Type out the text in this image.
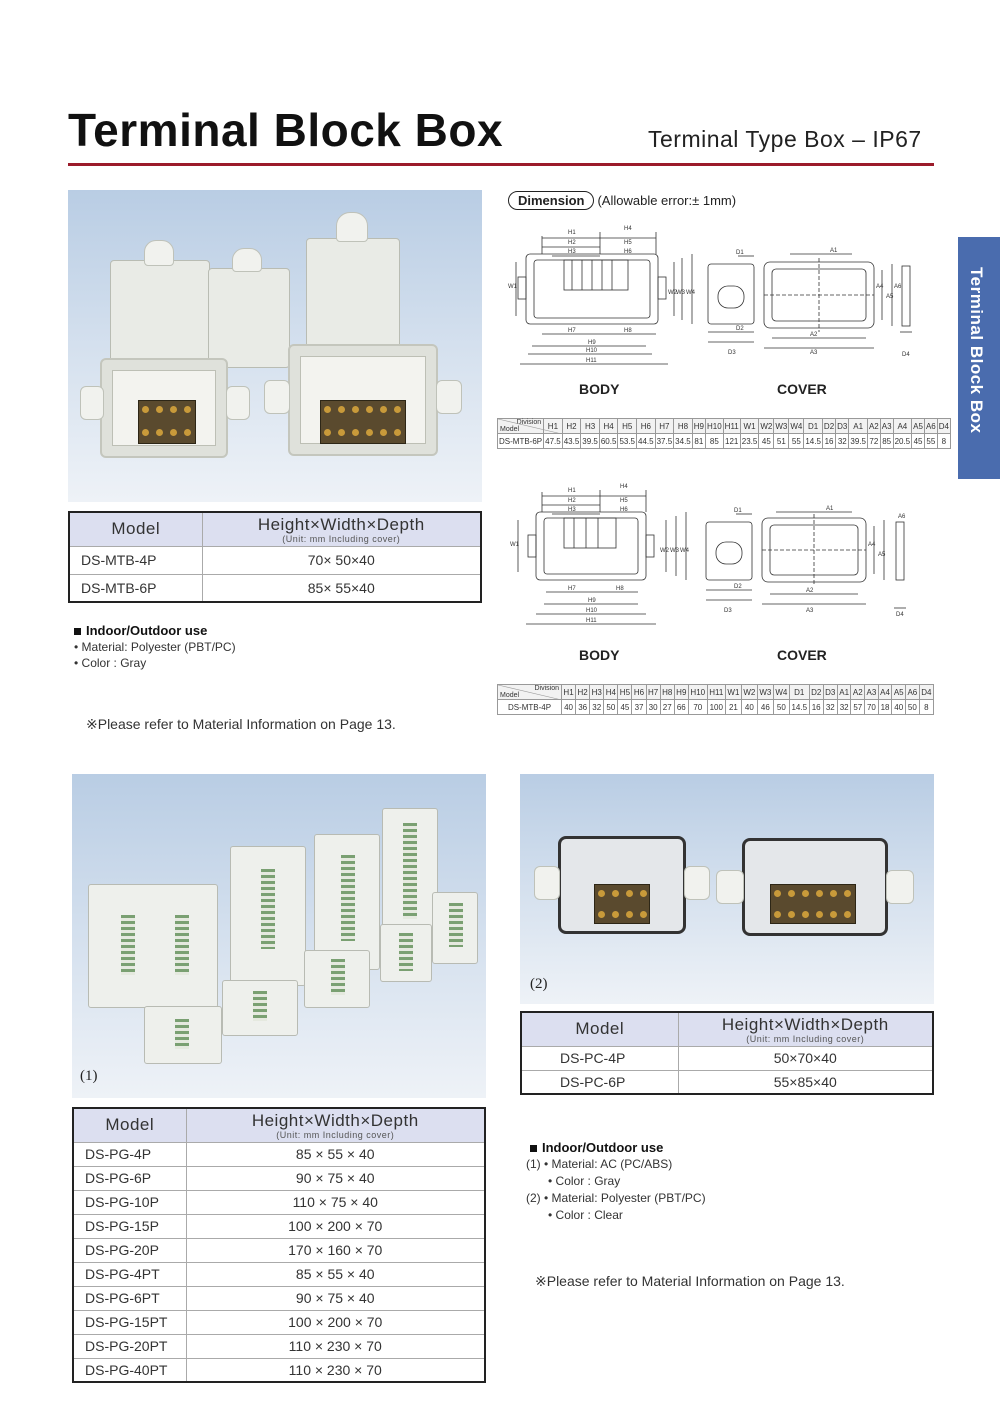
Terminal Block Box	Terminal Type Box – IP67
Terminal Block Box
Model	Height×Width×Depth
(Unit: mm Including cover)

DS-MTB-4P	70× 50×40
DS-MTB-6P	85× 55×40
Indoor/Outdoor use
• Material: Polyester (PBT/PC)
• Color : Gray
※Please refer to Material Information on Page 13.
Dimension (Allowable error:± 1mm)
H1
H4
H2	H5
H3	H6
H7	H8
H9
H10
H11
W1
W2 W3 W4
D1
D2
D3
A1
A2
A3
A4
A5
A6
D4
BODY	COVER
Division
Model	H1	H2	H3	H4	H5	H6	H7	H8	H9	H10	H11	W1	W2	W3	W4	D1	D2	D3	A1	A2	A3	A4	A5	A6	D4
DS-MTB-6P	47.5	43.5	39.5	60.5	53.5	44.5	37.5	34.5	81	85	121	23.5	45	51	55	14.5	16	32	39.5	72	85	20.5	45	55	8
H1
H4
H2	H5
H3	H6
H7	H8
H9
H10
H11
W1
W2 W3 W4
D1
D2
D3
A1
A2
A3
A4
A5
A6
D4
BODY	COVER
Division
Model	H1	H2	H3	H4	H5	H6	H7	H8	H9	H10	H11	W1	W2	W3	W4	D1	D2	D3	A1	A2	A3	A4	A5	A6	D4
DS-MTB-4P	40	36	32	50	45	37	30	27	66	70	100	21	40	46	50	14.5	16	32	32	57	70	18	40	50	8
(1)
Model	Height×Width×Depth
(Unit: mm Including cover)

DS-PG-4P	85 × 55 × 40
DS-PG-6P	90 × 75 × 40
DS-PG-10P	110 × 75 × 40
DS-PG-15P	100 × 200 × 70
DS-PG-20P	170 × 160 × 70
DS-PG-4PT	85 × 55 × 40
DS-PG-6PT	90 × 75 × 40
DS-PG-15PT	100 × 200 × 70
DS-PG-20PT	110 × 230 × 70
DS-PG-40PT	110 × 230 × 70
(2)
Model	Height×Width×Depth
(Unit: mm Including cover)

DS-PC-4P	50×70×40
DS-PC-6P	55×85×40
Indoor/Outdoor use
(1) • Material: AC (PC/ABS)
• Color : Gray
(2) • Material: Polyester (PBT/PC)
• Color : Clear
※Please refer to Material Information on Page 13.
